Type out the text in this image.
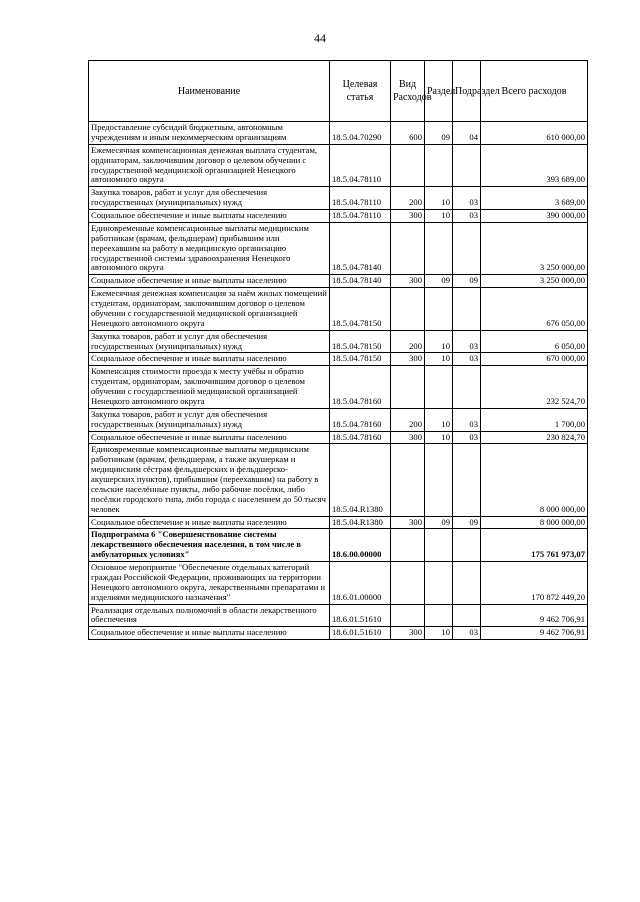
44
Наименование	Целевая статья	Вид Расходов	Раздел	Подраздел	Всего расходов
Предоставление субсидий бюджетным, автономным учреждениям и иным некоммерческим организациям	18.5.04.70290	600	09	04	610 000,00
Ежемесячная компенсационная денежная выплата студентам, ординаторам, заключившим договор о целевом обучении с государственной медицинской организацией Ненецкого автономного округа	18.5.04.78110				393 689,00
Закупка товаров, работ и услуг для обеспечения государственных (муниципальных) нужд	18.5.04.78110	200	10	03	3 689,00
Социальное обеспечение и иные выплаты населению	18.5.04.78110	300	10	03	390 000,00
Единовременные компенсационные выплаты медицинским работникам (врачам, фельдшерам) прибывшим или переехавшим на работу в медицинскую организацию государственной системы здравоохранения Ненецкого автономного округа	18.5.04.78140				3 250 000,00
Социальное обеспечение и иные выплаты населению	18.5.04.78140	300	09	09	3 250 000,00
Ежемесячная денежная компенсация за наём жилых помещений студентам, ординаторам, заключившим договор о целевом обучении с государственной медицинской организацией Ненецкого автономного округа	18.5.04.78150				676 050,00
Закупка товаров, работ и услуг для обеспечения государственных (муниципальных) нужд	18.5.04.78150	200	10	03	6 050,00
Социальное обеспечение и иные выплаты населению	18.5.04.78150	300	10	03	670 000,00
Компенсация стоимости проезда к месту учёбы и обратно студентам, ординаторам, заключившим договор о целевом обучении с государственной медицинской организацией Ненецкого автономного округа	18.5.04.78160				232 524,70
Закупка товаров, работ и услуг для обеспечения государственных (муниципальных) нужд	18.5.04.78160	200	10	03	1 700,00
Социальное обеспечение и иные выплаты населению	18.5.04.78160	300	10	03	230 824,70
Единовременные компенсационные выплаты медицинским работникам (врачам, фельдшерам, а также акушеркам и медицинским сёстрам фельдшерских и фельдшерско-акушерских пунктов), прибывшим (переехавшим) на работу в сельские населённые пункты, либо рабочие посёлки, либо посёлки городского типа, либо города с населением до 50 тысяч человек	18.5.04.R1380				8 000 000,00
Социальное обеспечение и иные выплаты населению	18.5.04.R1380	300	09	09	8 000 000,00
Подпрограмма 6 "Совершенствование системы лекарственного обеспечения населения, в том числе в амбулаторных условиях"	18.6.00.00000				175 761 973,07
Основное мероприятие "Обеспечение отдельных категорий граждан Российской Федерации, проживающих на территории Ненецкого автономного округа, лекарственными препаратами и изделиями медицинского назначения"	18.6.01.00000				170 872 449,20
Реализация отдельных полномочий в области лекарственного обеспечения	18.6.01.51610				9 462 706,91
Социальное обеспечение и иные выплаты населению	18.6.01.51610	300	10	03	9 462 706,91
